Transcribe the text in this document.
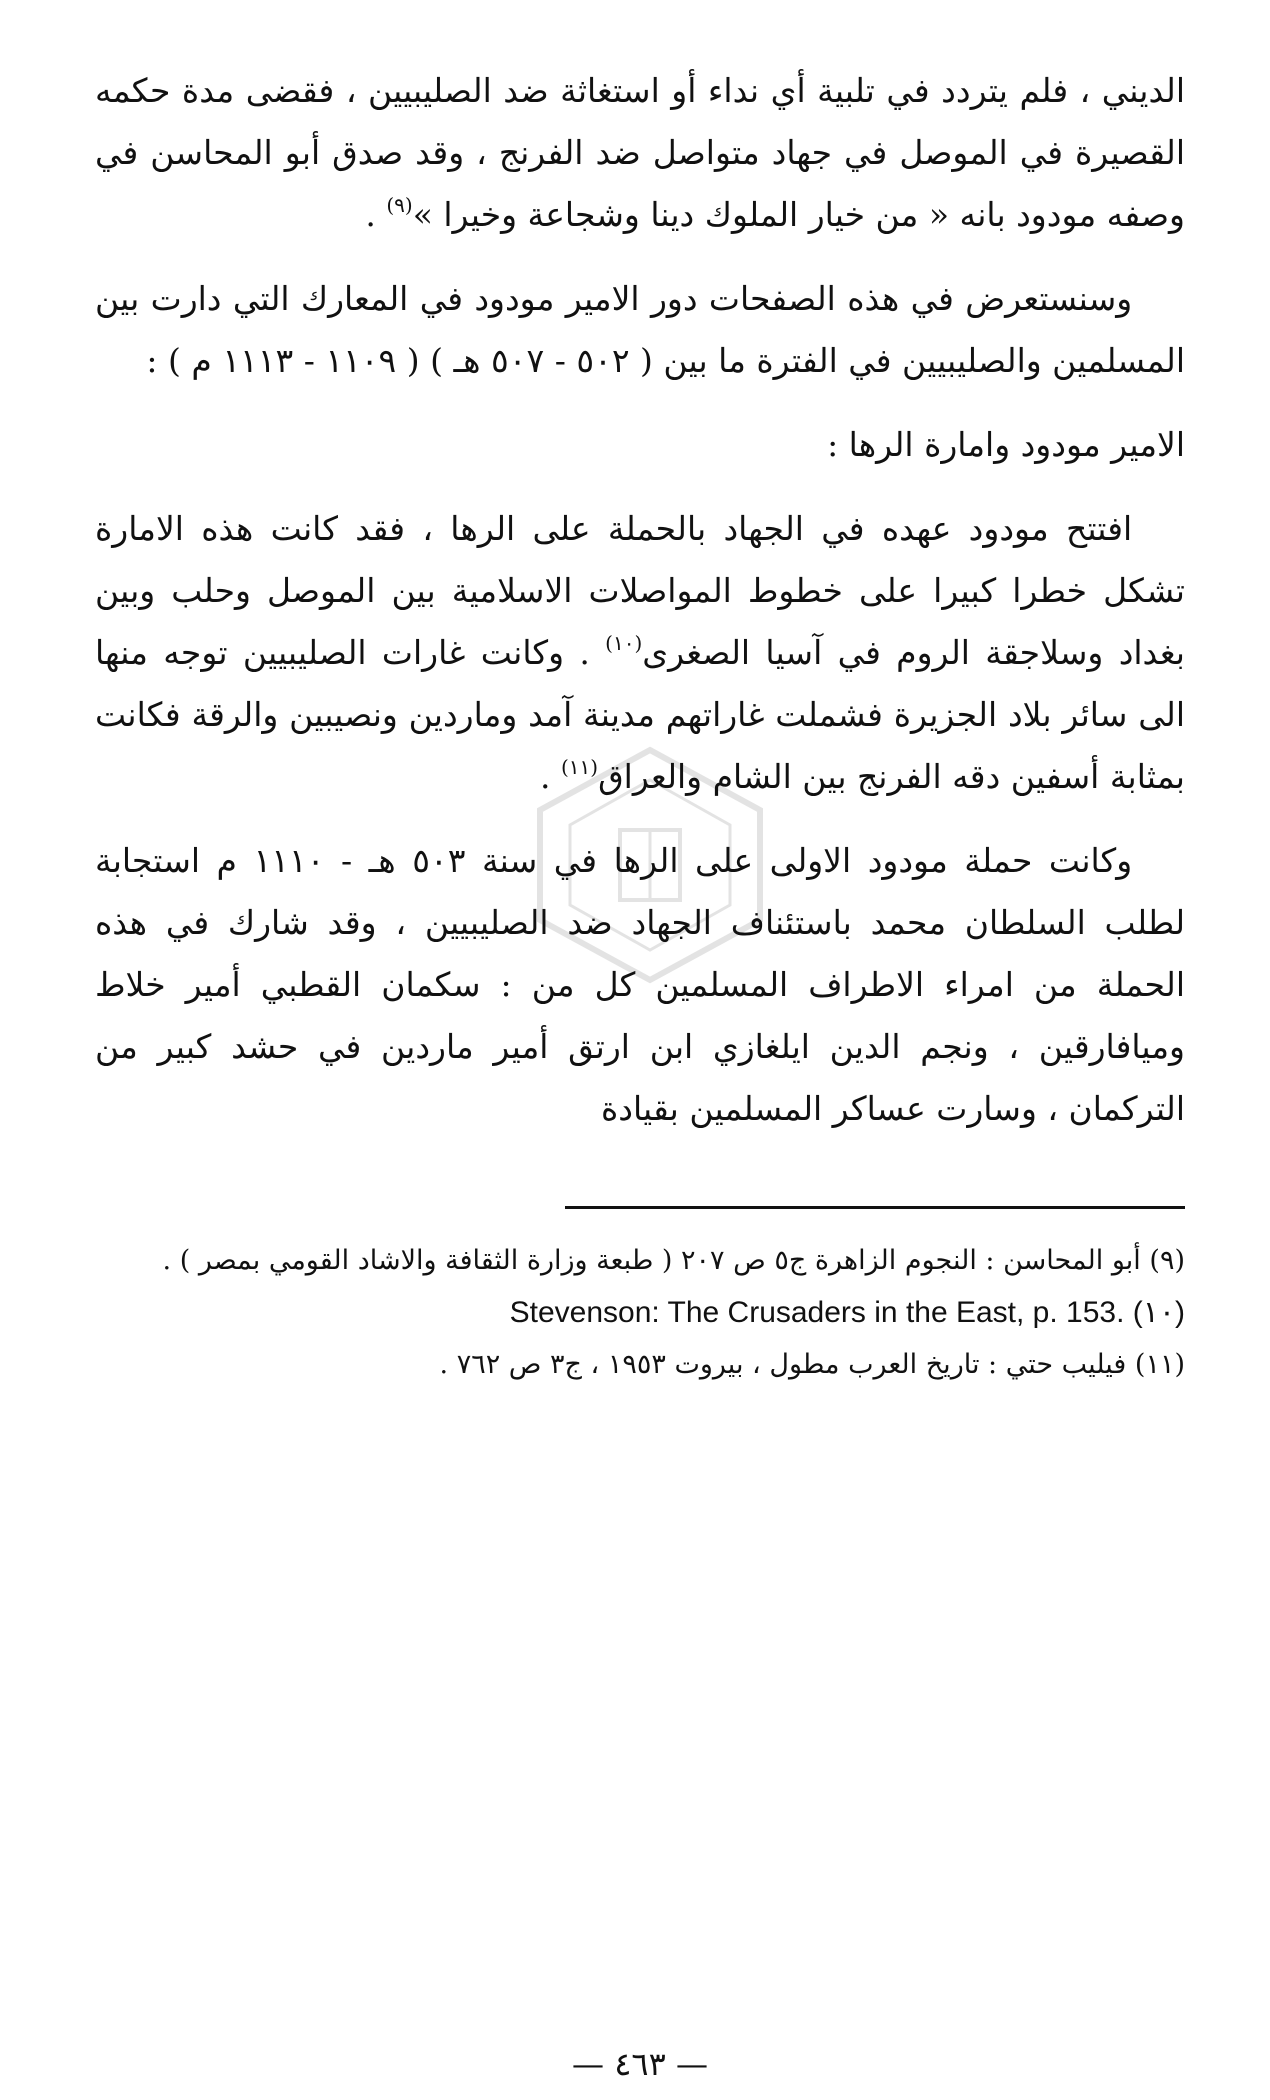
الديني ، فلم يتردد في تلبية أي نداء أو استغاثة ضد الصليبيين ، فقضى مدة حكمه القصيرة في الموصل في جهاد متواصل ضد الفرنج ، وقد صدق أبو المحاسن في وصفه مودود بانه « من خيار الملوك دينا وشجاعة وخيرا »$^{(٩)}$ .

وسنستعرض في هذه الصفحات دور الامير مودود في المعارك التي دارت بين المسلمين والصليبيين في الفترة ما بين ( ٥٠٢ - ٥٠٧ هـ ) ( ١١٠٩ - ١١١٣ م ) :

الامير مودود وامارة الرها :

افتتح مودود عهده في الجهاد بالحملة على الرها ، فقد كانت هذه الامارة تشكل خطرا كبيرا على خطوط المواصلات الاسلامية بين الموصل وحلب وبين بغداد وسلاجقة الروم في آسيا الصغرى$^{(١٠)}$ . وكانت غارات الصليبيين توجه منها الى سائر بلاد الجزيرة فشملت غاراتهم مدينة آمد وماردين ونصيبين والرقة فكانت بمثابة أسفين دقه الفرنج بين الشام والعراق$^{(١١)}$ .

وكانت حملة مودود الاولى على الرها في سنة ٥٠٣ هـ - ١١١٠ م استجابة لطلب السلطان محمد باستئناف الجهاد ضد الصليبيين ، وقد شارك في هذه الحملة من امراء الاطراف المسلمين كل من : سكمان القطبي أمير خلاط وميافارقين ، ونجم الدين ايلغازي ابن ارتق أمير ماردين في حشد كبير من التركمان ، وسارت عساكر المسلمين بقيادة

(٩) أبو المحاسن : النجوم الزاهرة ج٥ ص ٢٠٧ ( طبعة وزارة الثقافة والاشاد القومي بمصر ) .

(١٠) Stevenson: The Crusaders in the East, p. 153.

(١١) فيليب حتي : تاريخ العرب مطول ، بيروت ١٩٥٣ ، ج٣ ص ٧٦٢ .

— ٤٦٣ —
